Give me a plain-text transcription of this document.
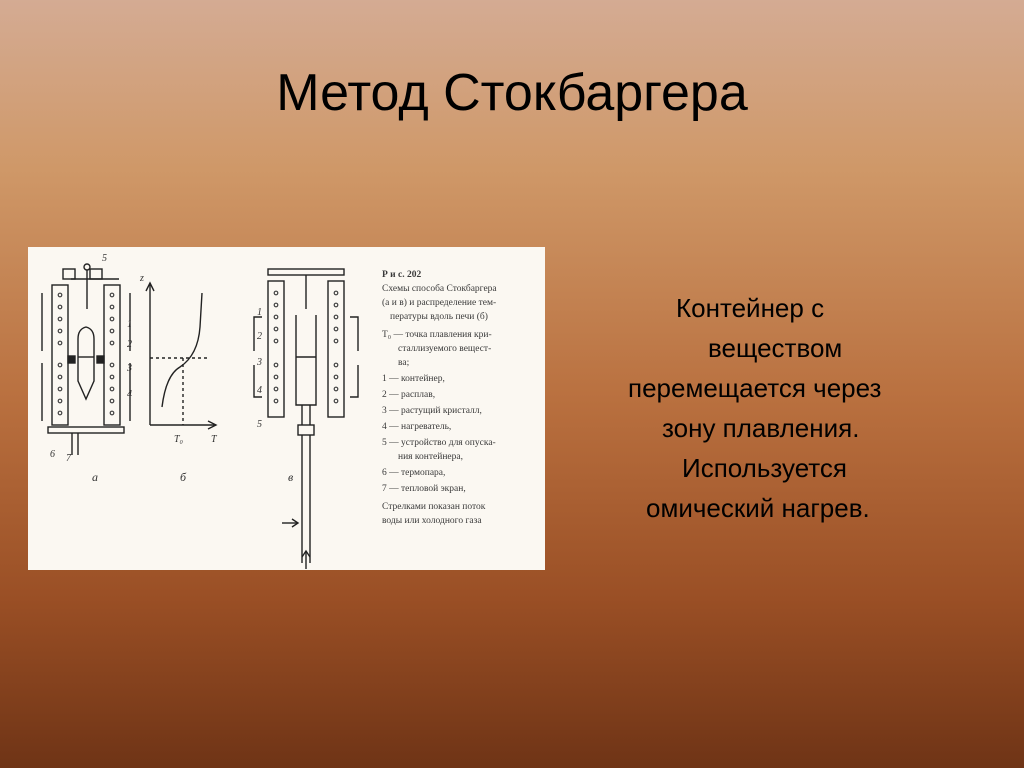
Метод Стокбаргера
1
2
3
4
5
6 7
а
z
T
T₀
б
1
2
3
4
5
в
Р и с. 202
Схемы способа Стокбаргера
(а и в) и распределение тем-
пературы вдоль печи (б)
Т₀ — точка плавления кри-
сталлизуемого вещест-
ва;
1 — контейнер,
2 — расплав,
3 — растущий кристалл,
4 — нагреватель,
5 — устройство для опуска-
ния контейнера,
6 — термопара,
7 — тепловой экран,
Стрелками показан поток
воды или холодного газа
Контейнер с
веществом
перемещается через
зону плавления.
Используется
омический нагрев.
